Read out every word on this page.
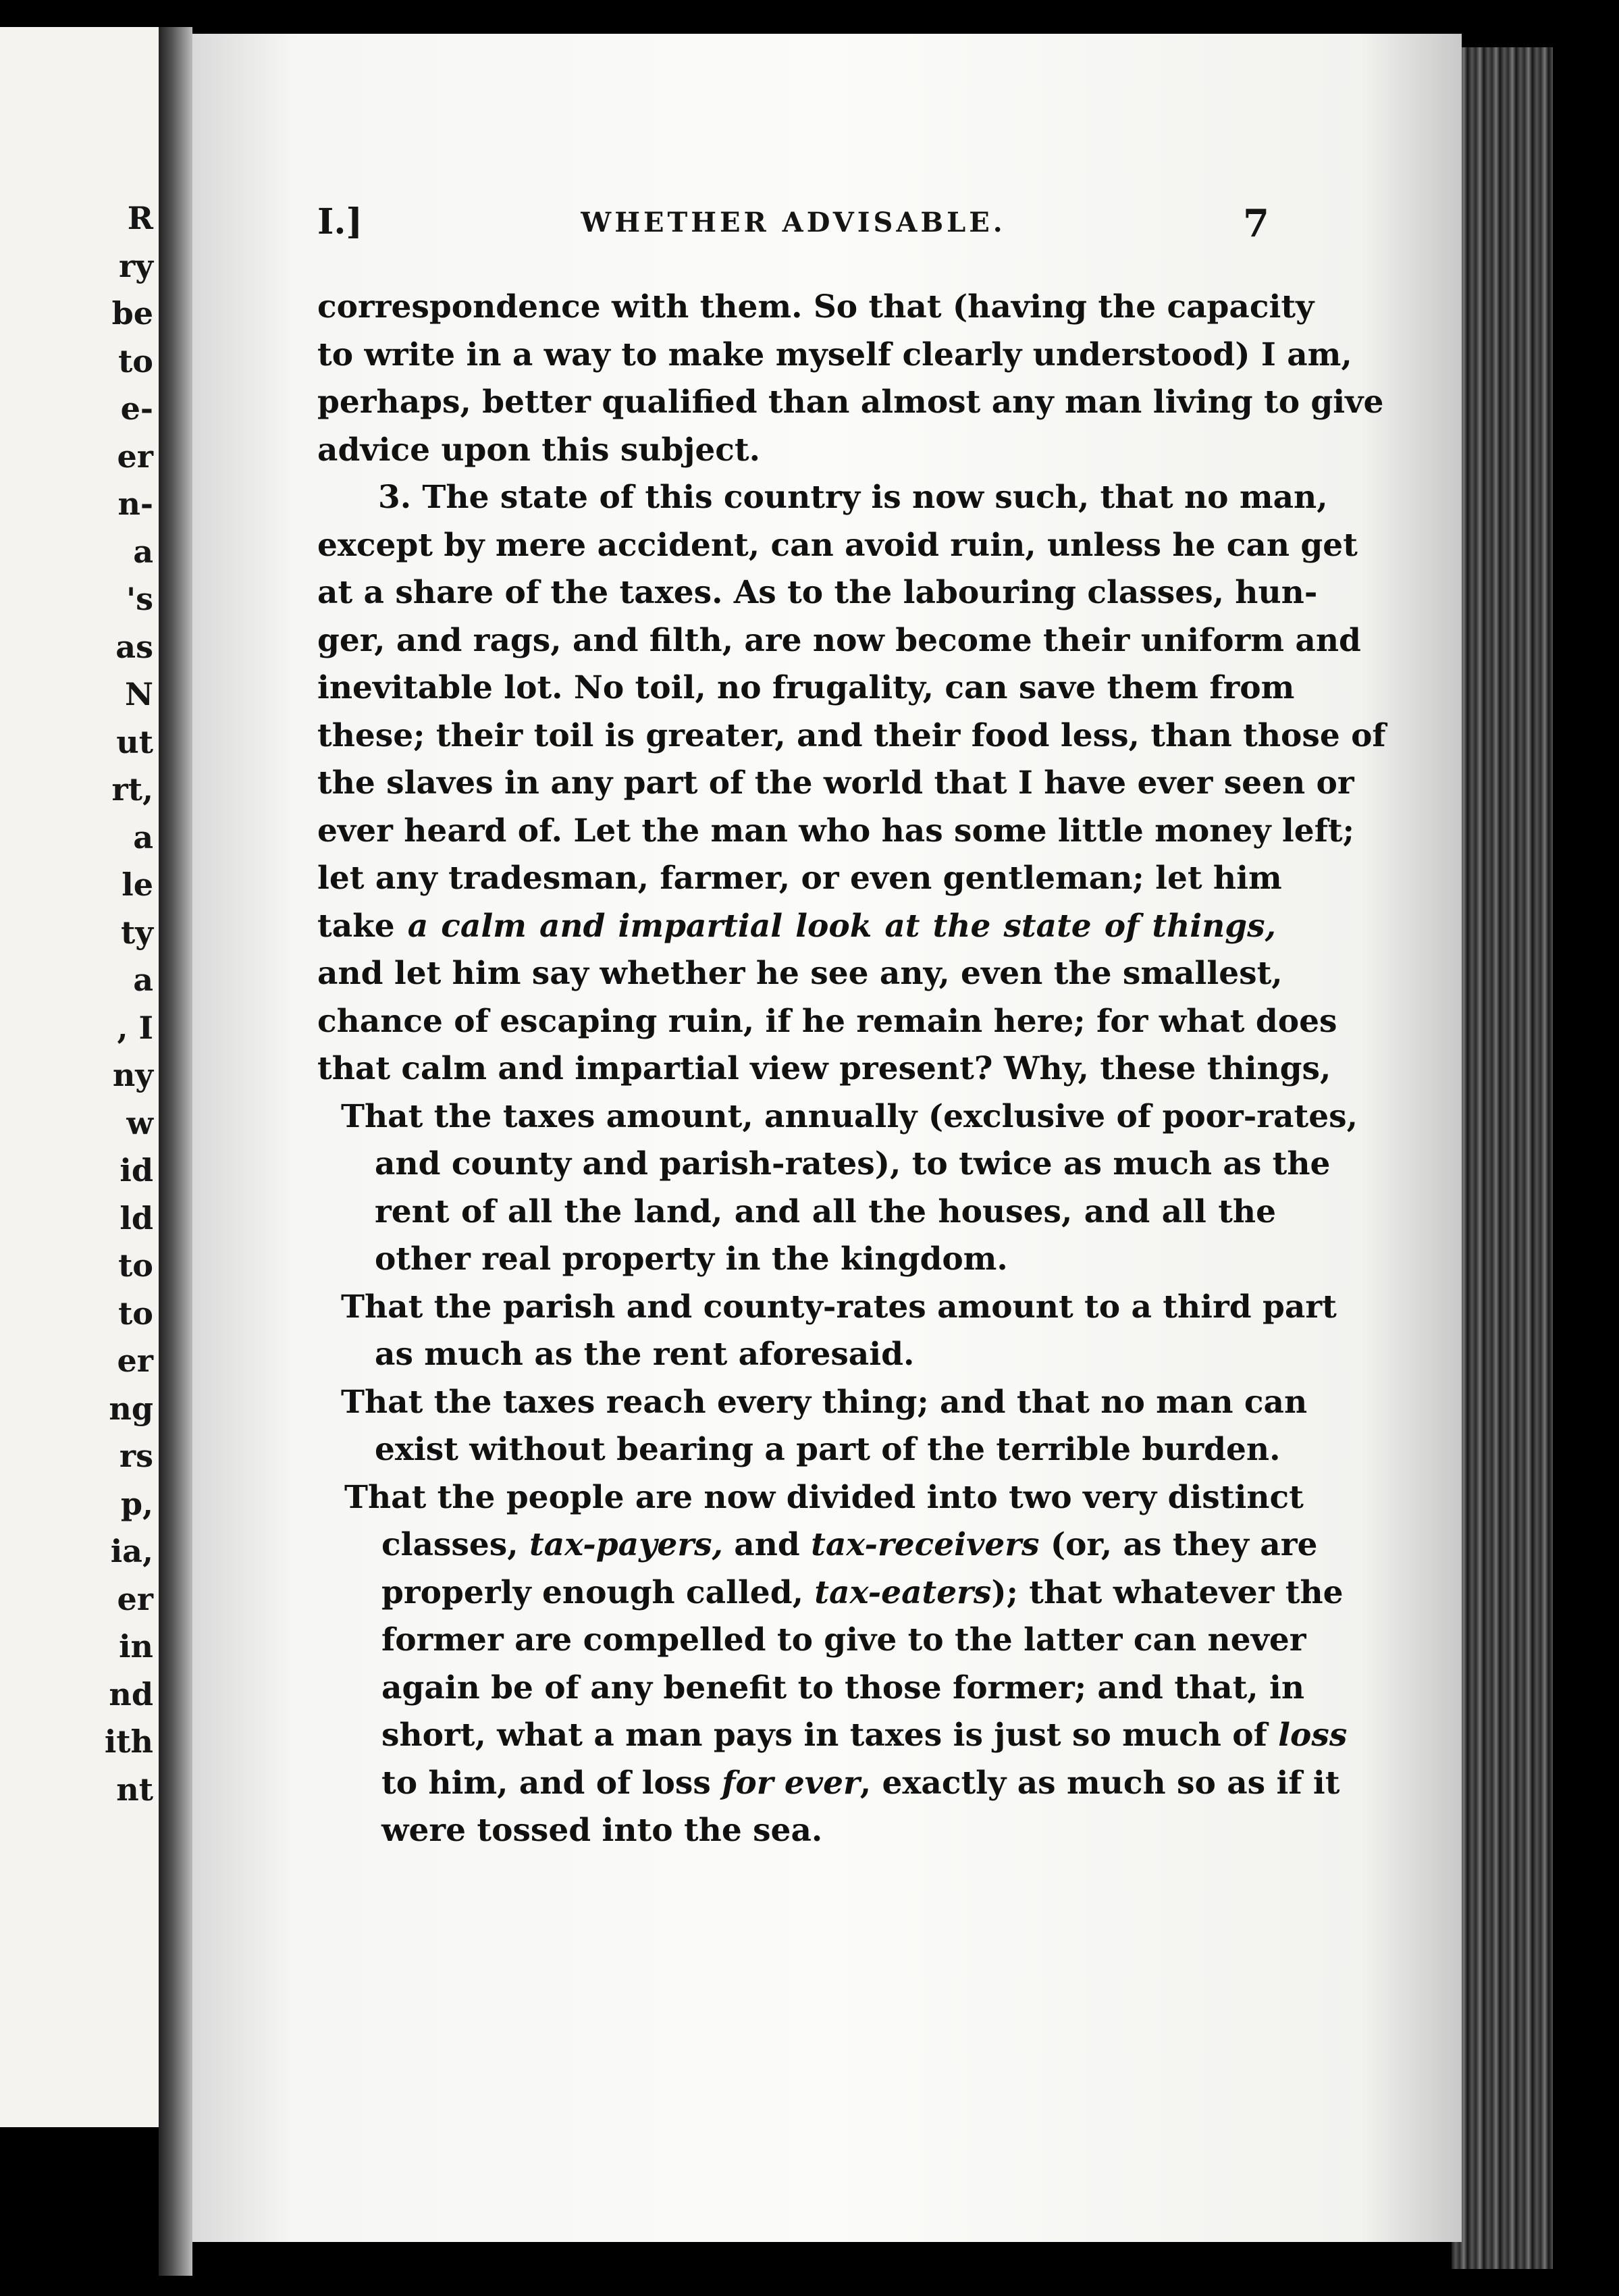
R

ry

be

to

e-

er

n-

a

's

as

N

ut

rt,

a

le

ty

a

, I

ny

w

id

ld

to

to

er

ng

rs

p,

ia,

er

in

nd

ith

nt

I.]	WHETHER ADVISABLE.	7
correspondence with them. So that (having the capacity
to write in a way to make myself clearly understood) I am,
perhaps, better qualified than almost any man living to give
advice upon this subject.
3. The state of this country is now such, that no man,
except by mere accident, can avoid ruin, unless he can get
at a share of the taxes. As to the labouring classes, hun-
ger, and rags, and filth, are now become their uniform and
inevitable lot. No toil, no frugality, can save them from
these; their toil is greater, and their food less, than those of
the slaves in any part of the world that I have ever seen or
ever heard of. Let the man who has some little money left;
let any tradesman, farmer, or even gentleman; let him
take a calm and impartial look at the state of things,
and let him say whether he see any, even the smallest,
chance of escaping ruin, if he remain here; for what does
that calm and impartial view present? Why, these things,
That the taxes amount, annually (exclusive of poor-rates,
and county and parish-rates), to twice as much as the
rent of all the land, and all the houses, and all the
other real property in the kingdom.
That the parish and county-rates amount to a third part
as much as the rent aforesaid.
That the taxes reach every thing; and that no man can
exist without bearing a part of the terrible burden.
That the people are now divided into two very distinct
classes, tax-payers, and tax-receivers (or, as they are
properly enough called, tax-eaters); that whatever the
former are compelled to give to the latter can never
again be of any benefit to those former; and that, in
short, what a man pays in taxes is just so much of loss
to him, and of loss for ever, exactly as much so as if it
were tossed into the sea.
